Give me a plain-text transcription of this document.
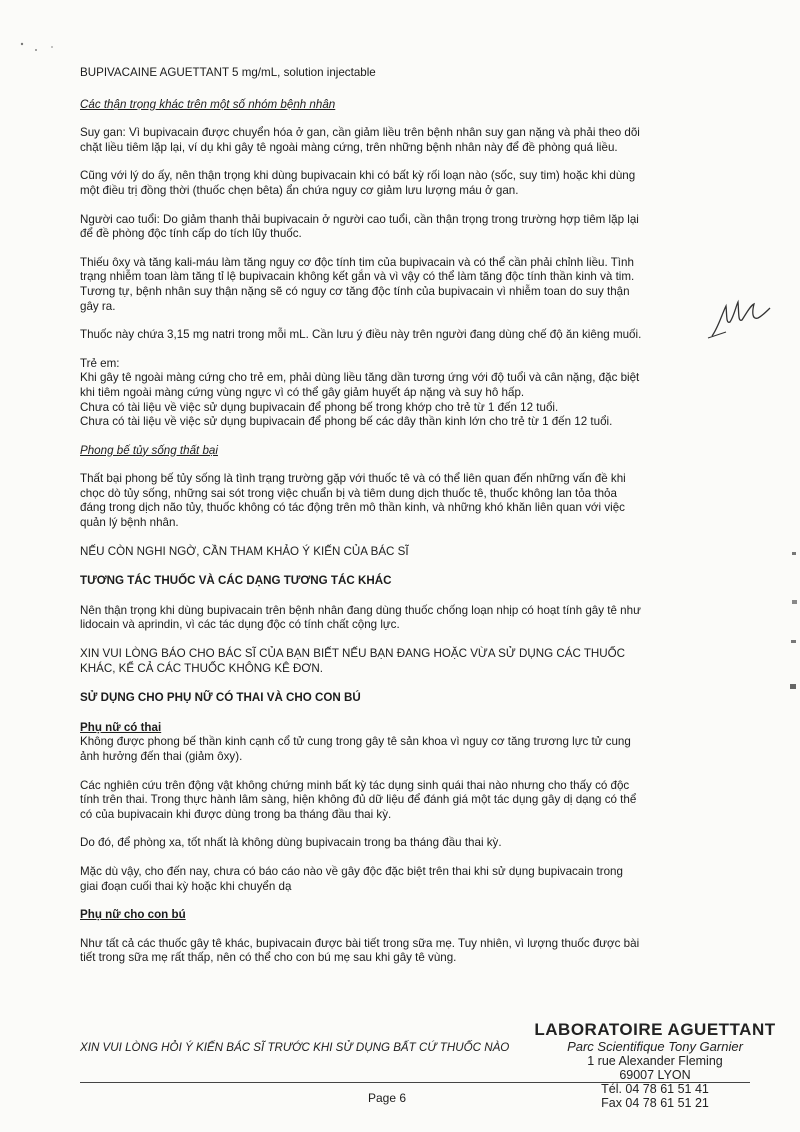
BUPIVACAINE AGUETTANT 5 mg/mL, solution injectable

Các thận trọng khác trên một số nhóm bệnh nhân

Suy gan: Vì bupivacain được chuyển hóa ở gan, cần giảm liều trên bệnh nhân suy gan nặng và phải theo dõi
chặt liều tiêm lặp lại, ví dụ khi gây tê ngoài màng cứng, trên những bệnh nhân này để đề phòng quá liều.

Cũng với lý do ấy, nên thận trọng khi dùng bupivacain khi có bất kỳ rối loạn nào (sốc, suy tim) hoặc khi dùng
một điều trị đồng thời (thuốc chẹn bêta) ẩn chứa nguy cơ giảm lưu lượng máu ở gan.

Người cao tuổi: Do giảm thanh thải bupivacain ở người cao tuổi, cần thận trọng trong trường hợp tiêm lặp lại
để đề phòng độc tính cấp do tích lũy thuốc.

Thiếu ôxy và tăng kali-máu làm tăng nguy cơ độc tính tim của bupivacain và có thể cần phải chỉnh liều. Tình
trạng nhiễm toan làm tăng tỉ lệ bupivacain không kết gắn và vì vậy có thể làm tăng độc tính thần kinh và tim.
Tương tự, bệnh nhân suy thận nặng sẽ có nguy cơ tăng độc tính của bupivacain vì nhiễm toan do suy thận
gây ra.

Thuốc này chứa 3,15 mg natri trong mỗi mL. Cần lưu ý điều này trên người đang dùng chế độ ăn kiêng muối.

Trẻ em:
Khi gây tê ngoài màng cứng cho trẻ em, phải dùng liều tăng dần tương ứng với độ tuổi và cân nặng, đặc biệt
khi tiêm ngoài màng cứng vùng ngực vì có thể gây giảm huyết áp nặng và suy hô hấp.
Chưa có tài liệu về việc sử dụng bupivacain để phong bế trong khớp cho trẻ từ 1 đến 12 tuổi.
Chưa có tài liệu về việc sử dụng bupivacain để phong bế các dây thần kinh lớn cho trẻ từ 1 đến 12 tuổi.

Phong bế tủy sống thất bại

Thất bại phong bế tủy sống là tình trạng trường gặp với thuốc tê và có thể liên quan đến những vấn đề khi
chọc dò tủy sống, những sai sót trong việc chuẩn bị và tiêm dung dịch thuốc tê, thuốc không lan tỏa thỏa
đáng trong dịch não tủy, thuốc không có tác động trên mô thần kinh, và những khó khăn liên quan với việc
quản lý bệnh nhân.

NẾU CÒN NGHI NGỜ, CẦN THAM KHẢO Ý KIẾN CỦA BÁC SĨ

TƯƠNG TÁC THUỐC VÀ CÁC DẠNG TƯƠNG TÁC KHÁC

Nên thận trọng khi dùng bupivacain trên bệnh nhân đang dùng thuốc chống loạn nhịp có hoạt tính gây tê như
lidocain và aprindin, vì các tác dụng độc có tính chất cộng lực.

XIN VUI LÒNG BÁO CHO BÁC SĨ CỦA BẠN BIẾT NẾU BẠN ĐANG HOẶC VỪA SỬ DỤNG CÁC THUỐC
KHÁC, KỂ CẢ CÁC THUỐC KHÔNG KÊ ĐƠN.

SỬ DỤNG CHO PHỤ NỮ CÓ THAI VÀ CHO CON BÚ

Phụ nữ có thai

Không được phong bế thần kinh cạnh cổ tử cung trong gây tê sản khoa vì nguy cơ tăng trương lực tử cung
ảnh hưởng đến thai (giảm ôxy).

Các nghiên cứu trên động vật không chứng minh bất kỳ tác dụng sinh quái thai nào nhưng cho thấy có độc
tính trên thai. Trong thực hành lâm sàng, hiện không đủ dữ liệu để đánh giá một tác dụng gây dị dạng có thể
có của bupivacain khi được dùng trong ba tháng đầu thai kỳ.

Do đó, để phòng xa, tốt nhất là không dùng bupivacain trong ba tháng đầu thai kỳ.

Mặc dù vậy, cho đến nay, chưa có báo cáo nào về gây độc đặc biệt trên thai khi sử dụng bupivacain trong
giai đoạn cuối thai kỳ hoặc khi chuyển dạ

Phụ nữ cho con bú

Như tất cả các thuốc gây tê khác, bupivacain được bài tiết trong sữa mẹ. Tuy nhiên, vì lượng thuốc được bài
tiết trong sữa mẹ rất thấp, nên có thể cho con bú mẹ sau khi gây tê vùng.

XIN VUI LÒNG HỎI Ý KIẾN BÁC SĨ TRƯỚC KHI SỬ DỤNG BẤT CỨ THUỐC NÀO

LABORATOIRE AGUETTANT
Parc Scientifique Tony Garnier
1 rue Alexander Fleming
69007 LYON
Tél. 04 78 61 51 41
Fax 04 78 61 51 21

Page 6
